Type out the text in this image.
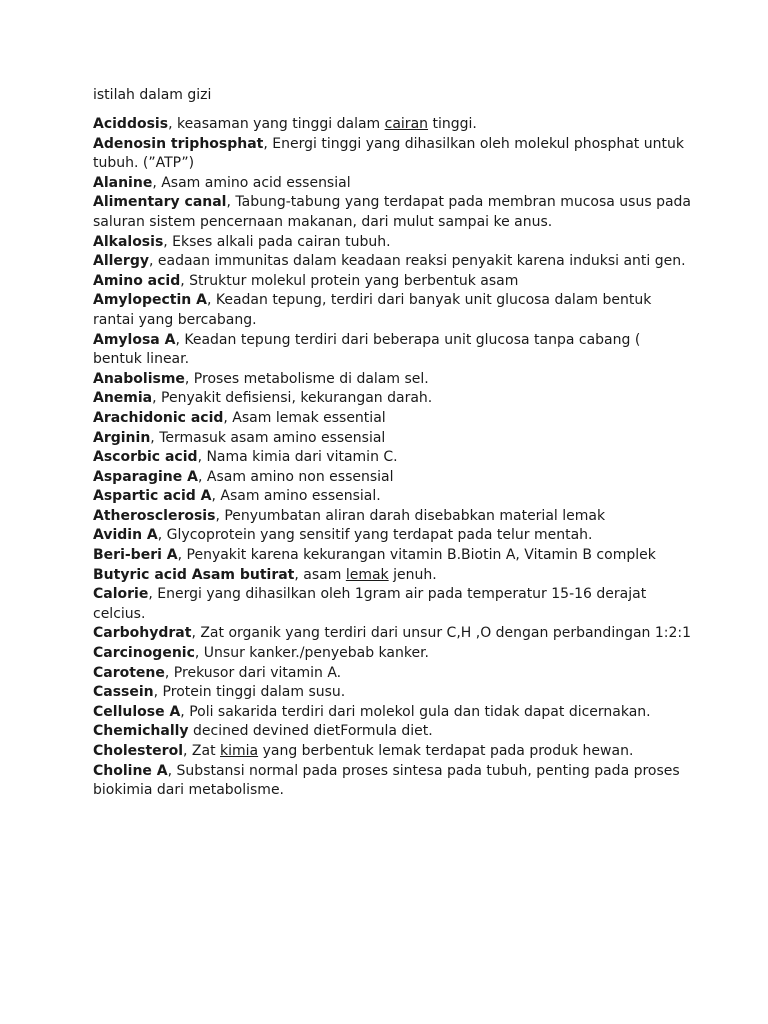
istilah dalam gizi
Aciddosis, keasaman yang tinggi dalam cairan tinggi.
Adenosin triphosphat, Energi tinggi yang dihasilkan oleh molekul phosphat untuk tubuh. (”ATP”)
Alanine, Asam amino acid essensial
Alimentary canal, Tabung-tabung yang terdapat pada membran mucosa usus pada saluran sistem pencernaan makanan, dari mulut sampai ke anus.
Alkalosis, Ekses alkali pada cairan tubuh.
Allergy, eadaan immunitas dalam keadaan reaksi penyakit karena induksi anti gen.
Amino acid, Struktur molekul protein yang berbentuk asam
Amylopectin A, Keadan tepung, terdiri dari banyak unit glucosa dalam bentuk rantai yang bercabang.
Amylosa A, Keadan tepung terdiri dari beberapa unit glucosa tanpa cabang ( bentuk linear.
Anabolisme, Proses metabolisme di dalam sel.
Anemia, Penyakit defisiensi, kekurangan darah.
Arachidonic acid, Asam lemak essential
Arginin, Termasuk asam amino essensial
Ascorbic acid, Nama kimia dari vitamin C.
Asparagine A, Asam amino non essensial
Aspartic acid A, Asam amino essensial.
Atherosclerosis, Penyumbatan aliran darah disebabkan material lemak
Avidin A, Glycoprotein yang sensitif yang terdapat pada telur mentah.
Beri-beri A, Penyakit karena kekurangan vitamin B.Biotin A, Vitamin B complek
Butyric acid Asam butirat, asam lemak jenuh.
Calorie, Energi yang dihasilkan oleh 1gram air pada temperatur 15-16 derajat celcius.
Carbohydrat, Zat organik yang terdiri dari unsur C,H ,O dengan perbandingan 1:2:1
Carcinogenic, Unsur kanker./penyebab kanker.
Carotene, Prekusor dari vitamin A.
Cassein, Protein tinggi dalam susu.
Cellulose A, Poli sakarida terdiri dari molekol gula dan tidak dapat dicernakan.
Chemichally decined devined dietFormula diet.
Cholesterol, Zat kimia yang berbentuk lemak terdapat pada produk hewan.
Choline A, Substansi normal pada proses sintesa pada tubuh, penting pada proses biokimia dari metabolisme.
